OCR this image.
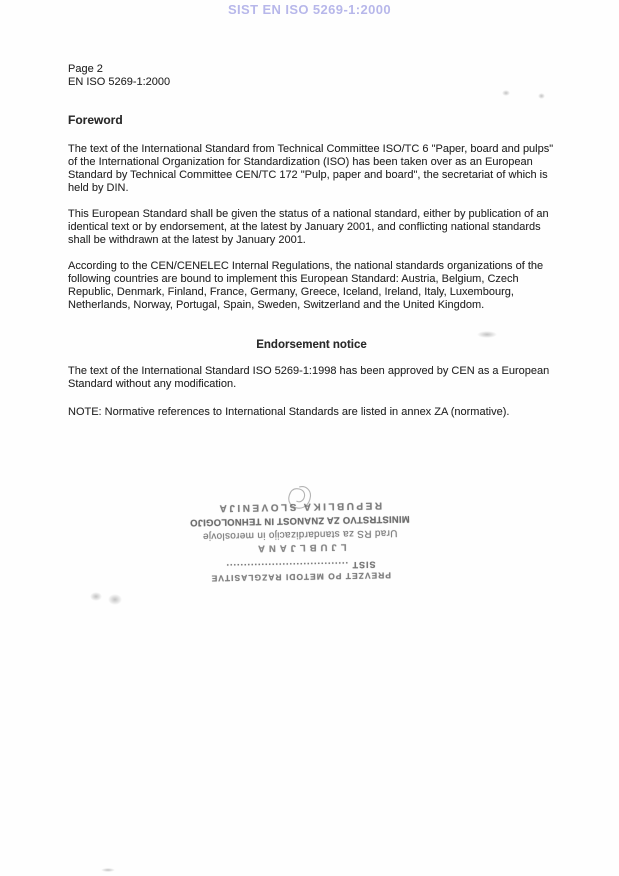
SIST EN ISO 5269-1:2000
Page 2
EN ISO 5269-1:2000
Foreword

The text of the International Standard from Technical Committee ISO/TC 6 "Paper, board and pulps" of the International Organization for Standardization (ISO) has been taken over as an European Standard by Technical Committee CEN/TC 172 "Pulp, paper and board", the secretariat of which is held by DIN.

This European Standard shall be given the status of a national standard, either by publication of an identical text or by endorsement, at the latest by January 2001, and conflicting national standards shall be withdrawn at the latest by January 2001.

According to the CEN/CENELEC Internal Regulations, the national standards organizations of the following countries are bound to implement this European Standard: Austria, Belgium, Czech Republic, Denmark, Finland, France, Germany, Greece, Iceland, Ireland, Italy, Luxembourg, Netherlands, Norway, Portugal, Spain, Sweden, Switzerland and the United Kingdom.

Endorsement notice

The text of the International Standard ISO 5269-1:1998 has been approved by CEN as a European Standard without any modification.

NOTE: Normative references to International Standards are listed in annex ZA (normative).

REPUBLIKA SLOVENIJA
MINISTRSTVO ZA ZNANOST IN TEHNOLOGIJO
Urad RS za standardizacijo in meroslovje
LJUBLJANA
SIST ...................................
PREVZET PO METODI RAZGLASITVE
